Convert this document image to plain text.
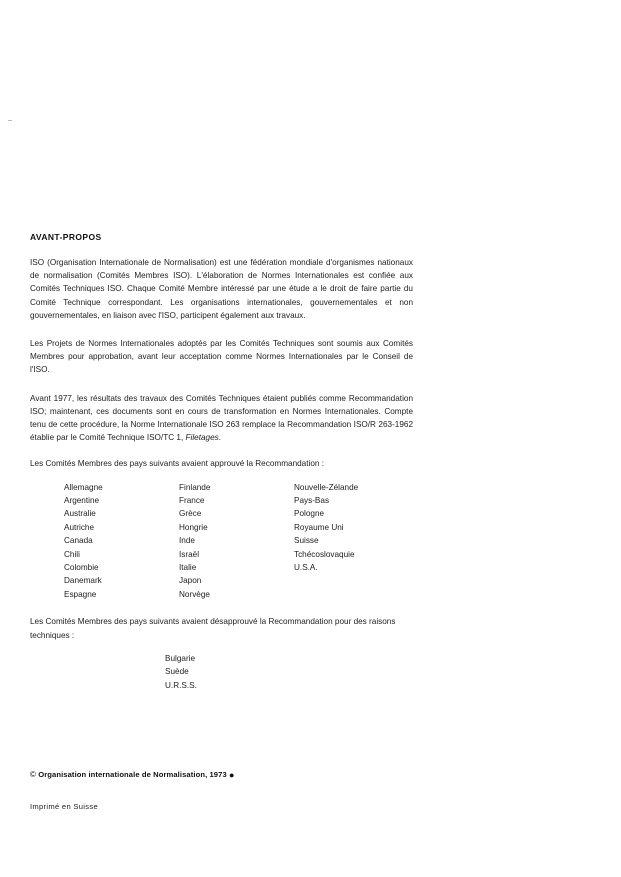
AVANT-PROPOS

ISO (Organisation Internationale de Normalisation) est une fédération mondiale d'organismes nationaux de normalisation (Comités Membres ISO). L'élaboration de Normes Internationales est confiée aux Comités Techniques ISO. Chaque Comité Membre intéressé par une étude a le droit de faire partie du Comité Technique correspondant. Les organisations internationales, gouvernementales et non gouvernementales, en liaison avec l'ISO, participent également aux travaux.

Les Projets de Normes Internationales adoptés par les Comités Techniques sont soumis aux Comités Membres pour approbation, avant leur acceptation comme Normes Internationales par le Conseil de l'ISO.

Avant 1977, les résultats des travaux des Comités Techniques étaient publiés comme Recommandation ISO; maintenant, ces documents sont en cours de transformation en Normes Internationales. Compte tenu de cette procédure, la Norme Internationale ISO 263 remplace la Recommandation ISO/R 263-1962 établie par le Comité Technique ISO/TC 1, Filetages.

Les Comités Membres des pays suivants avaient approuvé la Recommandation :

Allemagne
Argentine
Australie
Autriche
Canada
Chili
Colombie
Danemark
Espagne
Finlande
France
Grèce
Hongrie
Inde
Israël
Italie
Japon
Norvège
Nouvelle-Zélande
Pays-Bas
Pologne
Royaume Uni
Suisse
Tchécoslovaquie
U.S.A.

Les Comités Membres des pays suivants avaient désapprouvé la Recommandation pour des raisons techniques :

Bulgarie
Suède
U.R.S.S.
© Organisation internationale de Normalisation, 1973 ●
Imprimé en Suisse
